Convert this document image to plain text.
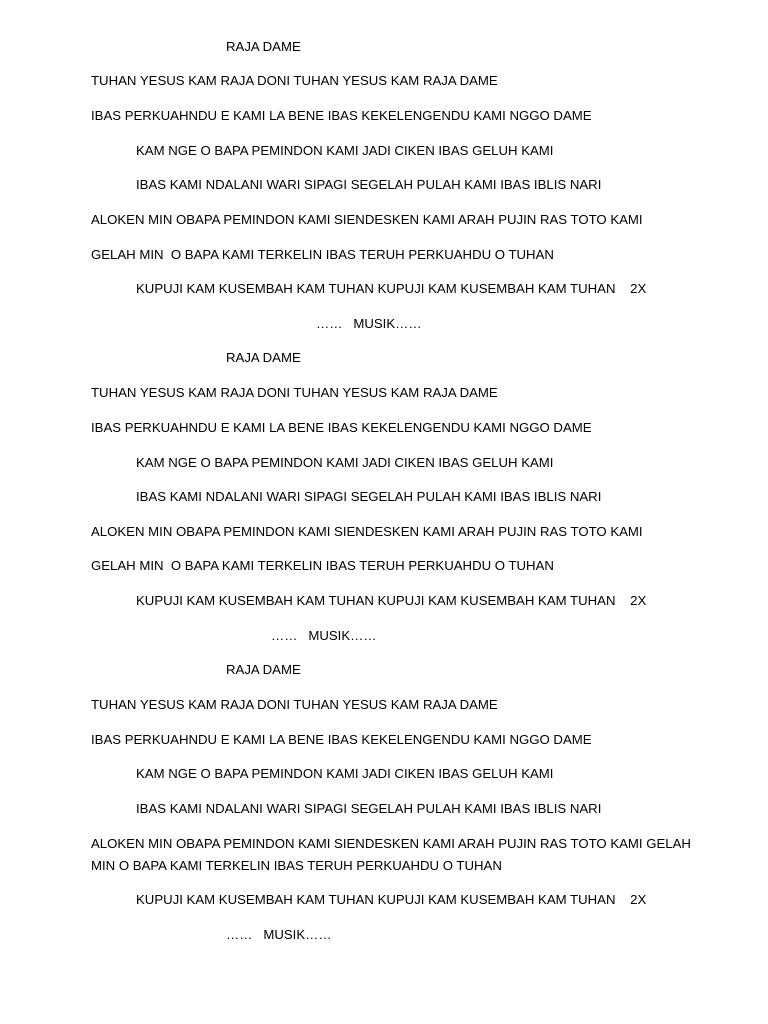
RAJA DAME
TUHAN YESUS KAM RAJA DONI TUHAN YESUS KAM RAJA DAME
IBAS PERKUAHNDU E KAMI LA BENE IBAS KEKELENGENDU KAMI NGGO DAME
KAM NGE O BAPA PEMINDON KAMI JADI CIKEN IBAS GELUH KAMI
IBAS KAMI NDALANI WARI SIPAGI SEGELAH PULAH KAMI IBAS IBLIS NARI
ALOKEN MIN OBAPA PEMINDON KAMI SIENDESKEN KAMI ARAH PUJIN RAS TOTO KAMI
GELAH MIN  O BAPA KAMI TERKELIN IBAS TERUH PERKUAHDU O TUHAN
KUPUJI KAM KUSEMBAH KAM TUHAN KUPUJI KAM KUSEMBAH KAM TUHAN    2X
……   MUSIK……
RAJA DAME
TUHAN YESUS KAM RAJA DONI TUHAN YESUS KAM RAJA DAME
IBAS PERKUAHNDU E KAMI LA BENE IBAS KEKELENGENDU KAMI NGGO DAME
KAM NGE O BAPA PEMINDON KAMI JADI CIKEN IBAS GELUH KAMI
IBAS KAMI NDALANI WARI SIPAGI SEGELAH PULAH KAMI IBAS IBLIS NARI
ALOKEN MIN OBAPA PEMINDON KAMI SIENDESKEN KAMI ARAH PUJIN RAS TOTO KAMI
GELAH MIN  O BAPA KAMI TERKELIN IBAS TERUH PERKUAHDU O TUHAN
KUPUJI KAM KUSEMBAH KAM TUHAN KUPUJI KAM KUSEMBAH KAM TUHAN    2X
……   MUSIK……
RAJA DAME
TUHAN YESUS KAM RAJA DONI TUHAN YESUS KAM RAJA DAME
IBAS PERKUAHNDU E KAMI LA BENE IBAS KEKELENGENDU KAMI NGGO DAME
KAM NGE O BAPA PEMINDON KAMI JADI CIKEN IBAS GELUH KAMI
IBAS KAMI NDALANI WARI SIPAGI SEGELAH PULAH KAMI IBAS IBLIS NARI
ALOKEN MIN OBAPA PEMINDON KAMI SIENDESKEN KAMI ARAH PUJIN RAS TOTO KAMI GELAH MIN O BAPA KAMI TERKELIN IBAS TERUH PERKUAHDU O TUHAN
KUPUJI KAM KUSEMBAH KAM TUHAN KUPUJI KAM KUSEMBAH KAM TUHAN    2X
……   MUSIK……
